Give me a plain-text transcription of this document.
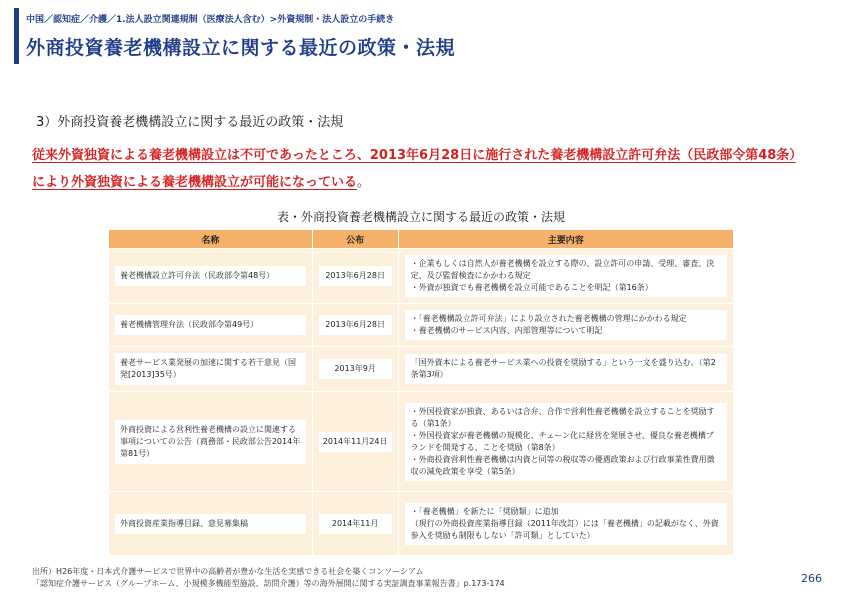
中国／認知症／介護／1.法人設立関連規制（医療法人含む）>外資規制・法人設立の手続き
外商投資養老機構設立に関する最近の政策・法規
3）外商投資養老機構設立に関する最近の政策・法規
従来外資独資による養老機構設立は不可であったところ、2013年6月28日に施行された養老機構設立許可弁法（民政部令第48条）により外資独資による養老機構設立が可能になっている。
表・外商投資養老機構設立に関する最近の政策・法規
名称	公布	主要内容

養老機構設立許可弁法（民政部令第48号）	2013年6月28日	・企業もしくは自然人が養老機構を設立する際の、設立許可の申請、受理、審査、決定、及び監督検査にかかわる規定
・外資が独資でも養老機構を設立可能であることを明記（第16条）

養老機構管理弁法（民政部令第49号）	2013年6月28日	・「養老機構設立許可弁法」により設立された養老機構の管理にかかわる規定
・養老機構のサービス内容、内部管理等について明記

養老サービス業発展の加速に関する若干意見（国発[2013]35号）	2013年9月	「国外資本による養老サービス業への投資を奨励する」という一文を盛り込む。（第2条第3項）

外商投資による営利性養老機構の設立に関連する事項についての公告（商務部・民政部公告2014年第81号）	2014年11月24日	・外国投資家が独資、あるいは合弁、合作で営利性養老機構を設立することを奨励する（第1条）
・外国投資家が養老機構の規模化、チェーン化に経営を発展させ、優良な養老機構ブランドを開発する、ことを奨励（第8条）
・外商投資営利性養老機構は内資と同等の税収等の優遇政策および行政事業性費用徴収の減免政策を享受（第5条）

外商投資産業指導目録、意見募集稿	2014年11月	・「養老機構」を新たに「奨励類」に追加
（現行の外商投資産業指導目録（2011年改訂）には「養老機構」の記載がなく、外資参入を奨励も制限もしない「許可類」としていた）
出所）H26年度・日本式介護サービスで世界中の高齢者が豊かな生活を実感できる社会を築くコンソーシアム
「認知症介護サービス（グループホーム、小規模多機能型施設、訪問介護）等の海外展開に関する実証調査事業報告書」p.173-174	266
